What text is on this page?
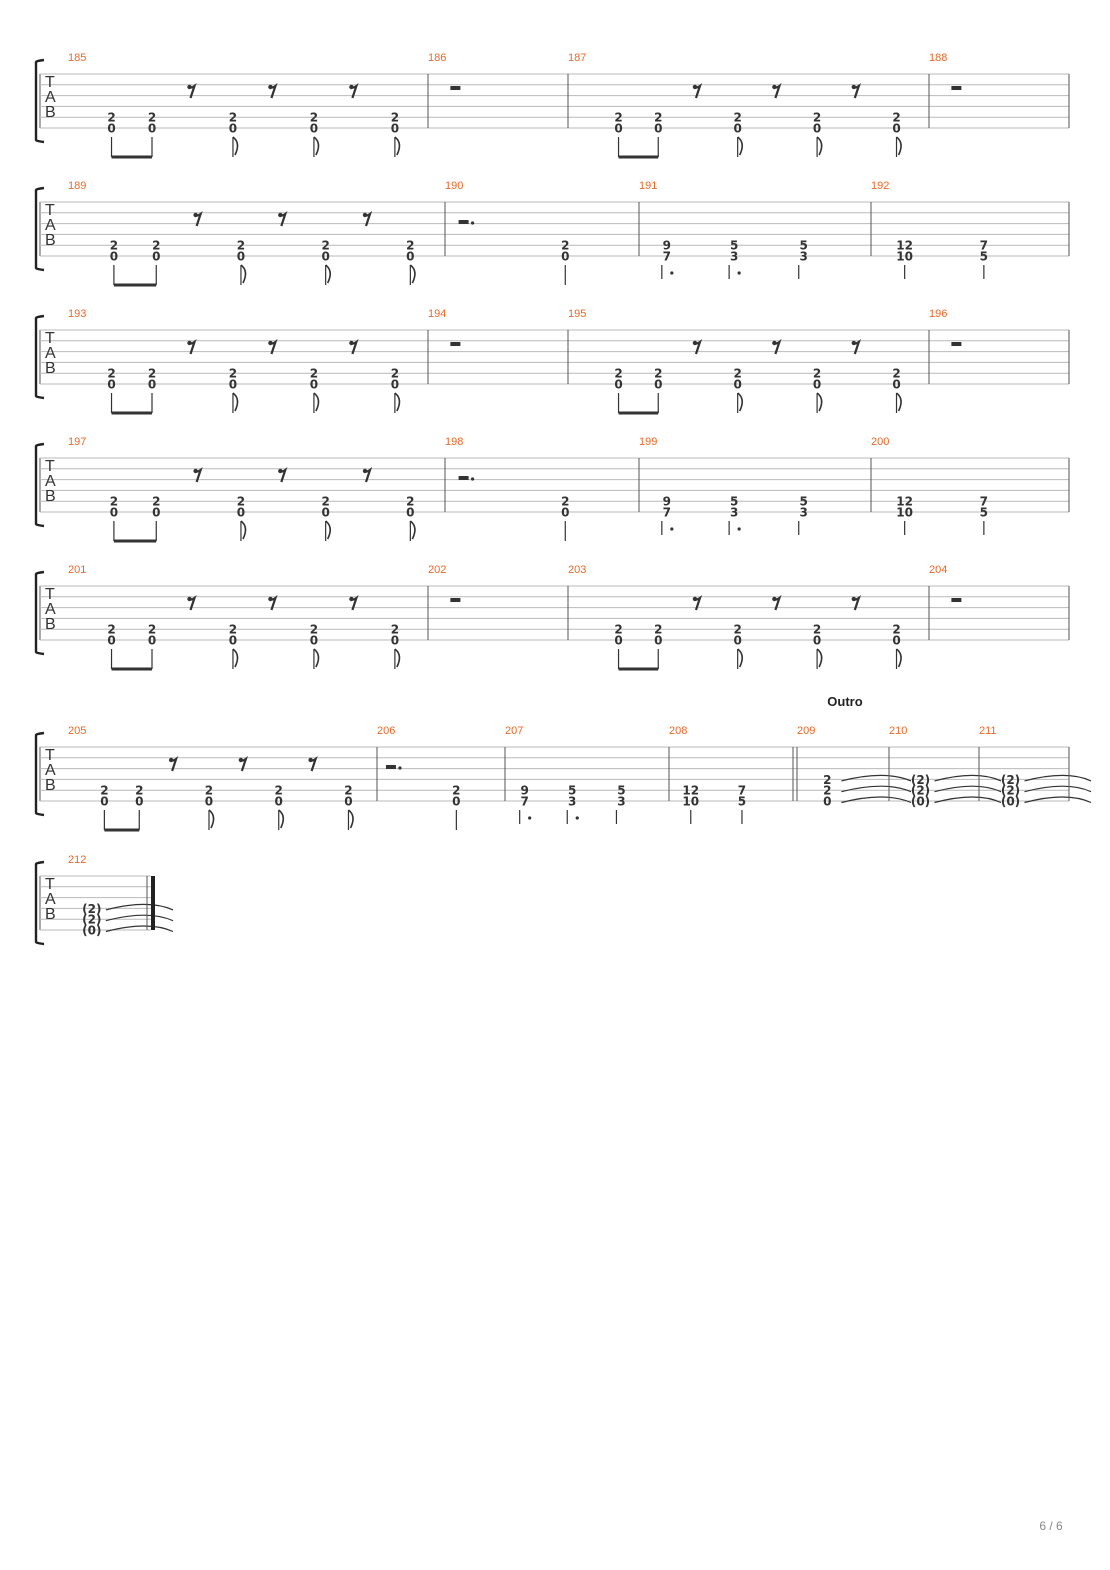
T
A
B
185
2
0
2
0
2
0
2
0
2
0
186	187
2
0
2
0
2
0
2
0
2
0
188
T
A
B
189
2
0
2
0
2
0
2
0
2
0
190
2
0
191
9
7
5
3
5
3
192
12
10
7
5
T
A
B
193
2
0
2
0
2
0
2
0
2
0
194	195
2
0
2
0
2
0
2
0
2
0
196
T
A
B
197
2
0
2
0
2
0
2
0
2
0
198
2
0
199
9
7
5
3
5
3
200
12
10
7
5
T
A
B
201
2
0
2
0
2
0
2
0
2
0
202	203
2
0
2
0
2
0
2
0
2
0
204
T
A
B
205
2
0
2
0
2
0
2
0
2
0
206
2
0
207
9
7
5
3
5
3
208
12
10
7
5
209
2
2
0
210
(2)
(2)
(0)
211
(2)
(2)
(0)
T
A
B
212
(2)
(2)
(0)
Outro
6 / 6
